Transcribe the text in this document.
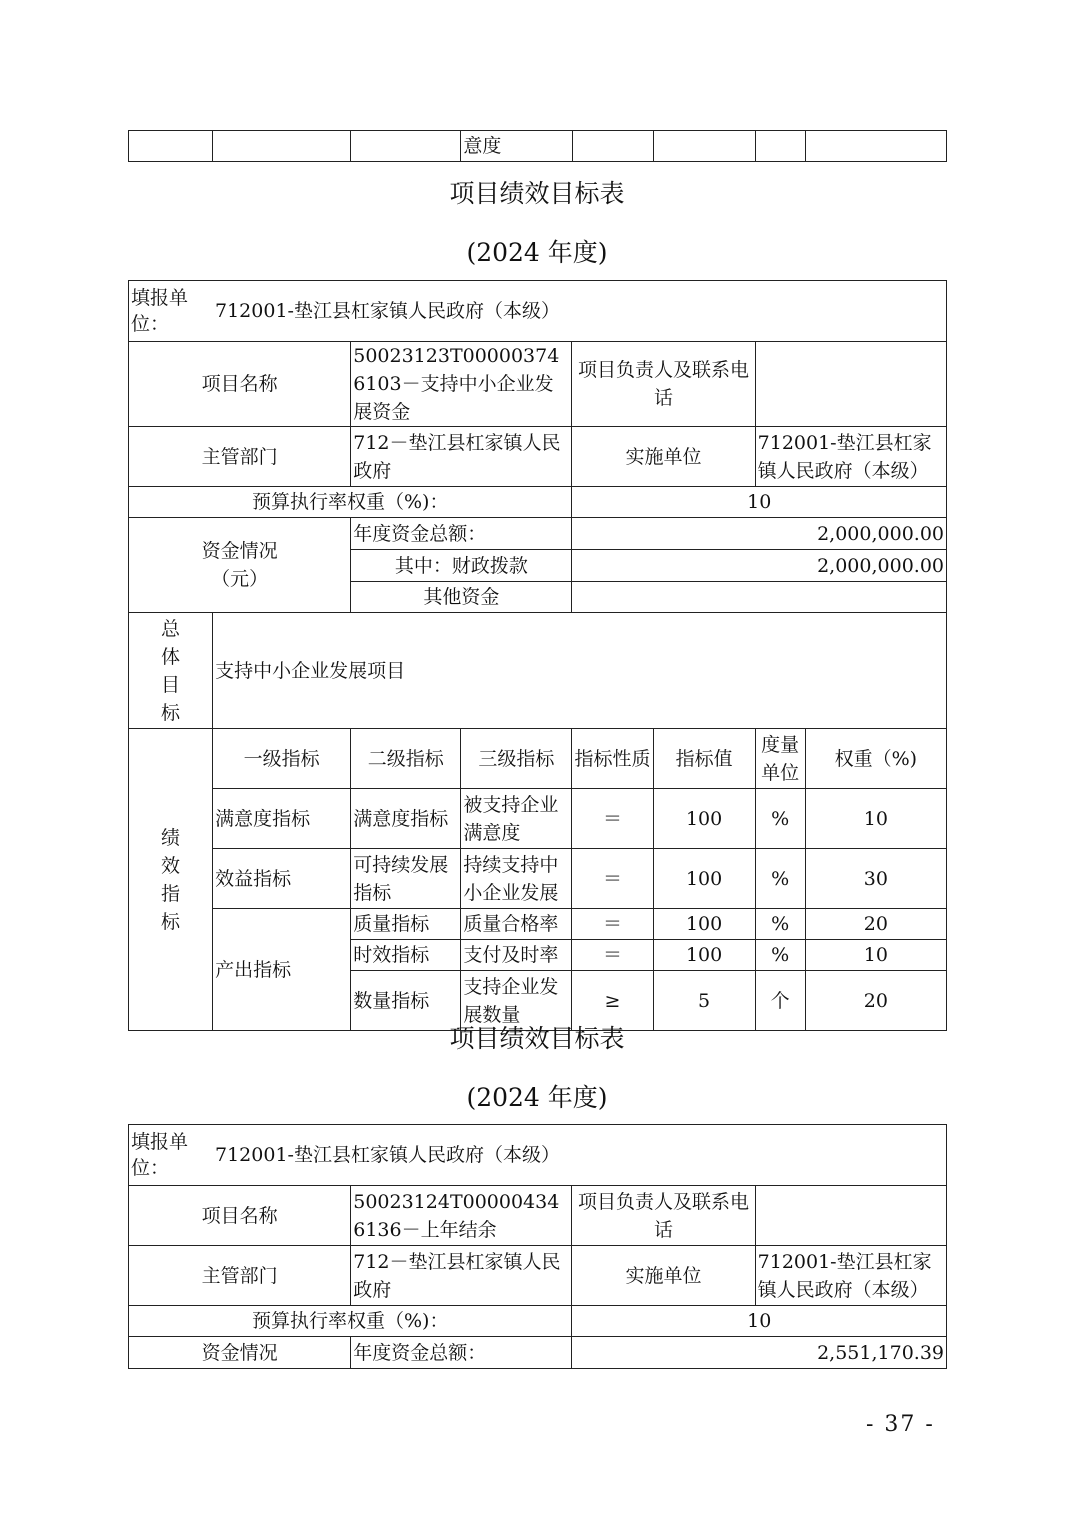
			意度				
项目绩效目标表
(2024 年度)
填报单位：
712001-垫江县杠家镇人民政府（本级）							

项目名称		50023123T000003746103－支持中小企业发展资金		项目负责人及联系电话			
主管部门		712－垫江县杠家镇人民政府		实施单位		712001-垫江县杠家镇人民政府（本级）	
预算执行率权重（%)：				10			

资金情况（元）		年度资金总额：		2,000,000.00			
		其中：财政拨款		2,000,000.00			
		其他资金					

总体目标	支持中小企业发展项目						

绩效指标	一级指标	二级指标	三级指标	指标性质	指标值	度量单位	权重（%)
	满意度指标	满意度指标	被支持企业满意度	＝	100	%	10
	效益指标	可持续发展指标	持续支持中小企业发展	＝	100	%	30
	产出指标	质量指标	质量合格率	＝	100	%	20
		时效指标	支付及时率	＝	100	%	10
		数量指标	支持企业发展数量	≥	5	个	20
项目绩效目标表
(2024 年度)
填报单位：
712001-垫江县杠家镇人民政府（本级）			

项目名称	50023124T000004346136－上年结余	项目负责人及联系电话	
主管部门	712－垫江县杠家镇人民政府	实施单位	712001-垫江县杠家镇人民政府（本级）
预算执行率权重（%)：		10	
资金情况	年度资金总额：	2,551,170.39	
- 37 -
